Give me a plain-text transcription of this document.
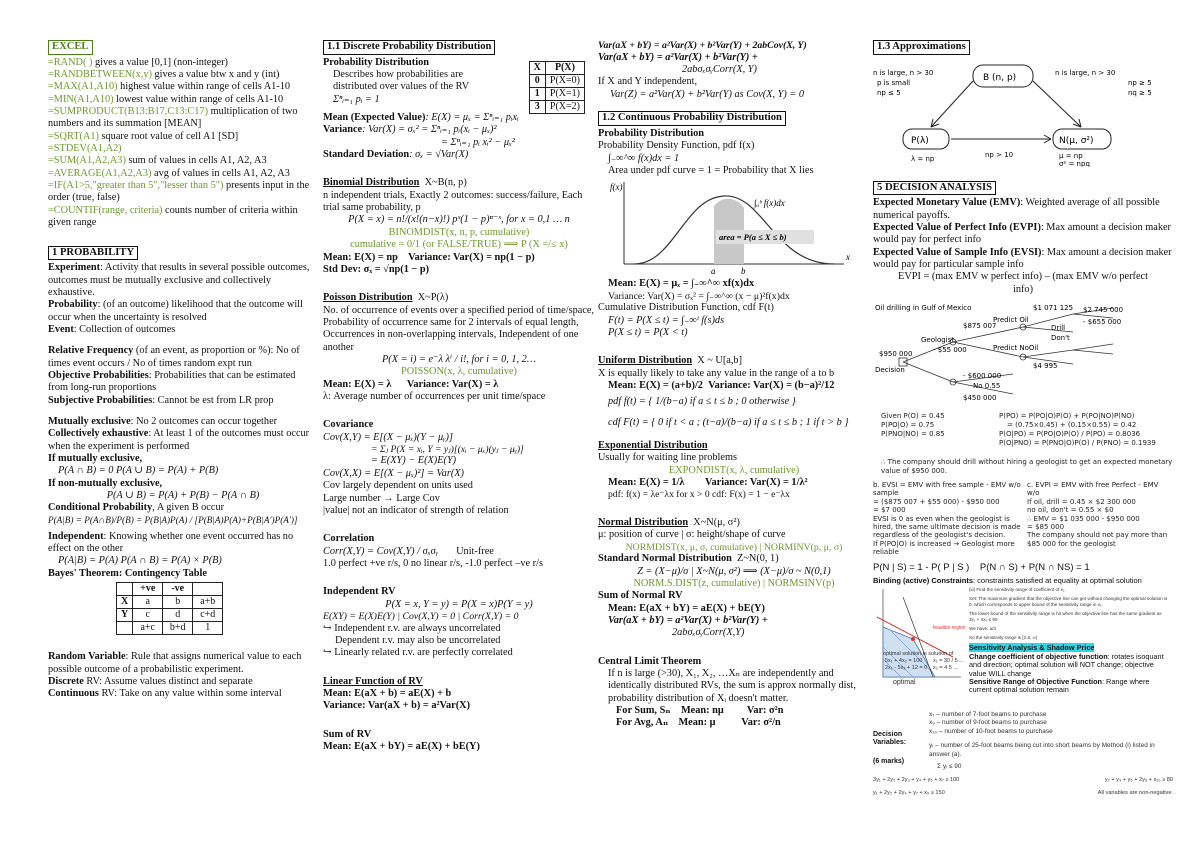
EXCEL
=RAND( ) gives a value [0,1] (non-integer)
=RANDBETWEEN(x,y) gives a value btw x and y (int)
=MAX(A1,A10) highest value within range of cells A1-10
=MIN(A1,A10) lowest value within range of cells A1-10
=SUMPRODUCT(B13:B17,C13:C17) multiplication of two numbers and its summation [MEAN]
=SQRT(A1) square root value of cell A1 [SD]
=STDEV(A1,A2)
=SUM(A1,A2,A3) sum of values in cells A1, A2, A3
=AVERAGE(A1,A2,A3) avg of values in cells A1, A2, A3
=IF(A1>5,"greater than 5","lesser than 5") presents input in the order (true, false)
=COUNTIF(range, criteria) counts number of criteria within given range
1 PROBABILITY
Experiment: Activity that results in several possible outcomes, outcomes must be mutually exclusive and collectively exhaustive.
Probability: (of an outcome) likelihood that the outcome will occur when the uncertainty is resolved
Event: Collection of outcomes
Relative Frequency (of an event, as proportion or %): No of times event occurs / No of times random expt run
Objective Probabilities: Probabilities that can be estimated from long-run proportions
Subjective Probabilities: Cannot be est from LR prop
Mutually exclusive: No 2 outcomes can occur together
Collectively exhaustive: At least 1 of the outcomes must occur when the experiment is performed
If mutually exclusive,
P(A ∩ B) = 0 P(A ∪ B) = P(A) + P(B)
If non-mutually exclusive,
P(A ∪ B) = P(A) + P(B) − P(A ∩ B)
Conditional Probability, A given B occur
P(A|B) = P(A∩B)/P(B) = P(B|A)P(A) / [P(B|A)P(A)+P(B|A′)P(A′)]
Independent: Knowing whether one event occurred has no effect on the other
P(A|B) = P(A) P(A ∩ B) = P(A) × P(B)
Bayes' Theorem: Contingency Table
	+ve	-ve	
X	a	b	a+b
Y	c	d	c+d
	a+c	b+d	1
Random Variable: Rule that assigns numerical value to each possible outcome of a probabilistic experiment.
Discrete RV: Assume values distinct and separate
Continuous RV: Take on any value within some interval
1.1 Discrete Probability Distribution
X	P(X)
0	P(X=0)
1	P(X=1)
3	P(X=2)
Probability Distribution
Describes how probabilities are distributed over values of the RV
Σⁿᵢ₌₁ pᵢ = 1
Mean (Expected Value): E(X) = μₓ = Σⁿᵢ₌₁ pᵢxᵢ
Variance: Var(X) = σₓ² = Σⁿᵢ₌₁ pᵢ(xᵢ − μₓ)²
= Σⁿᵢ₌₁ pᵢ xᵢ² − μₓ²
Standard Deviation: σₓ = √Var(X)
Binomial Distribution X~B(n, p)
n independent trials, Exactly 2 outcomes: success/failure, Each trial same probability, p
P(X = x) = n!/(x!(n−x)!) pˣ(1 − p)ⁿ⁻ˣ, for x = 0,1 … n
BINOMDIST(x, n, p, cumulative)
cumulative = 0/1 (or FALSE/TRUE) ⟹ P (X =/≤ x)
Mean: E(X) = np Variance: Var(X) = np(1 − p)
Std Dev: σₓ = √np(1 − p)
Poisson Distribution X~P(λ)
No. of occurrence of events over a specified period of time/space, Probability of occurrence same for 2 intervals of equal length, Occurrences in non-overlapping intervals, Independent of one another
P(X = i) = e⁻λ λⁱ / i!, for i = 0, 1, 2…
POISSON(x, λ, cumulative)
Mean: E(X) = λ Variance: Var(X) = λ
λ: Average number of occurrences per unit time/space
Covariance
Cov(X,Y) = E[(X − μₓ)(Y − μᵧ)]
= Σⱼ P(X = xᵢ, Y = yⱼ)[(xᵢ − μₓ)(yⱼ − μᵧ)]
= E(XY) − E(X)E(Y)
Cov(X,X) = E[(X − μₓ)²] = Var(X)
Cov largely dependent on units used
Large number → Large Cov
|value| not an indicator of strength of relation
Correlation
Corr(X,Y) = Cov(X,Y) / σₓσᵧ Unit-free
1.0 perfect +ve r/s, 0 no linear r/s, -1.0 perfect –ve r/s
Independent RV
P(X = x, Y = y) = P(X = x)P(Y = y)
E(XY) = E(X)E(Y) | Cov(X,Y) = 0 | Corr(X,Y) = 0
↪ Independent r.v. are always uncorrelated
Dependent r.v. may also be uncorrelated
↪ Linearly related r.v. are perfectly correlated
Linear Function of RV
Mean: E(aX + b) = aE(X) + b
Variance: Var(aX + b) = a²Var(X)
Sum of RV
Mean: E(aX + bY) = aE(X) + bE(Y)
Var(aX + bY) = a²Var(X) + b²Var(Y) + 2abCov(X, Y)
Var(aX + bY) = a²Var(X) + b²Var(Y) +
2abσₓσᵧCorr(X, Y)
If X and Y independent,
Var(Z) = a²Var(X) + b²Var(Y) as Cov(X, Y) = 0
1.2 Continuous Probability Distribution
Probability Distribution
Probability Density Function, pdf f(x)
∫₋∞^∞ f(x)dx = 1
Area under pdf curve = 1 = Probability that X lies
f(x)
∫ₐᵇ f(x)dx
area = P(a ≤ X ≤ b)
a	b
x
Mean: E(X) = μₓ = ∫₋∞^∞ xf(x)dx
Variance: Var(X) = σₓ² = ∫₋∞^∞ (x − μ)²f(x)dx
Cumulative Distribution Function, cdf F(t)
F(t) = P(X ≤ t) = ∫₋∞ᵗ f(s)ds
P(X ≤ t) = P(X < t)
Uniform Distribution X ~ U[a,b]
X is equally likely to take any value in the range of a to b
Mean: E(X) = (a+b)/2 Variance: Var(X) = (b−a)²/12
pdf f(t) = { 1/(b−a) if a ≤ t ≤ b ; 0 otherwise }
cdf F(t) = { 0 if t < a ; (t−a)/(b−a) if a ≤ t ≤ b ; 1 if t > b }
Exponential Distribution
Usually for waiting line problems
EXPONDIST(x, λ, cumulative)
Mean: E(X) = 1/λ Variance: Var(X) = 1/λ²
pdf: f(x) = λe⁻λx for x > 0 cdf: F(x) = 1 − e⁻λx
Normal Distribution X~N(μ, σ²)
μ: position of curve | σ: height/shape of curve
NORMDIST(x, μ, σ, cumulative) | NORMINV(p, μ, σ)
Standard Normal Distribution Z~N(0, 1)
Z = (X−μ)/σ | X~N(μ, σ²) ⟹ (X−μ)/σ ~ N(0,1)
NORM.S.DIST(z, cumulative) | NORMSINV(p)
Sum of Normal RV
Mean: E(aX + bY) = aE(X) + bE(Y)
Var(aX + bY) = a²Var(X) + b²Var(Y) +
2abσₓσᵧCorr(X,Y)
Central Limit Theorem
If n is large (>30), X₁, X₂, …Xₙ are independently and identically distributed RVs, the sum is approx normally dist, probability distribution of Xᵢ doesn't matter.
For Sum, Sₙ    Mean: nμ         Var: σ²n
For Avg, Aₙ    Mean: μ          Var: σ²/n
1.3 Approximations
B (n, p)
P(λ)	N(μ, σ²)
n is large, n > 30
p is small
np ≤ 5
n is large, n > 30
np ≥ 5
nq ≥ 5
λ = np	np > 10	μ = np
σ² = npq
5 DECISION ANALYSIS
Expected Monetary Value (EMV): Weighted average of all possible numerical payoffs.
Expected Value of Perfect Info (EVPI): Max amount a decision maker would pay for perfect info
Expected Value of Sample Info (EVSI): Max amount a decision maker would pay for particular sample info
EVPI = (max EMV w perfect info) – (max EMV w/o perfect info)
Oil drilling in Gulf of Mexico
$950 000
Decision
$875 007
Geologist
$1 071 125 $2 745 000
- $655 000
- $55 000	Predict NoOil
Predict Oil
Drill
Don't
$4 995
- $600 000
$450 000
No 0.55
Given P(O) = 0.45
P(PO|O) = 0.75
P(PNO|NO) = 0.85
P(PO) = P(PO|O)P(O) + P(PO|NO)P(NO)
= (0.75×0.45) + (0.15×0.55) = 0.42
P(O|PO) = P(PO|O)P(O) / P(PO) = 0.8036
P(O|PNO) = P(PNO|O)P(O) / P(PNO) = 0.1939
∴ The company should drill without hiring a geologist to get an expected monetary value of $950 000.
b. EVSI = EMV with free sample - EMV w/o sample
= ($875 007 + $55 000) - $950 000
= $7 000
EVSI is 0 as even when the geologist is hired, the same ultimate decision is made regardless of the geologist's decision.
If P(PO|O) is increased → Geologist more reliable
c. EVPI = EMV with free Perfect - EMV w/o
If oil, drill = 0.45 × $2 300 000
no oil, don't = 0.55 × $0
∴ EMV = $1 035 000 - $950 000
= $85 000
The company should not pay more than $85 000 for the geologist
P(N | S) = 1 - P( P | S ) P(N ∩ S) + P(N ∩ NS) = 1
Binding (active) Constraints: constraints satisfied at equality at optimal solution
optimal solution is solution of
5x₁ + 4x₂ = 100
2x₁ - 5x₂ + 12 = 0
x₁ = 30 / 5 ...
x₂ = 4 5 ...
optimal
feasible region
(iii) Find the sensitivity range of coefficient of x₁.
Set: The maximum gradient that the objective line can get without changing the optimal solution is 0, which corresponds to upper bound of the sensitivity range in x₁.
The lower bound of the sensitivity range is hit when the objective line has the same gradient as 3x₁ + 4x₂ ≤ 90
We have: a/3
So the sensitivity range is [2.5, ∞)
Sensitivity Analysis & Shadow Price
Change coefficient of objective function: rotates isoquant and direction; optimal solution will NOT change; objective value WILL change
Sensitive Range of Objective Function: Range where current optimal solution remain
Decision Variables:
(6 marks)
x₇ – number of 7-foot beams to purchase
x₉ – number of 9-foot beams to purchase
x₁₀ – number of 10-foot beams to purchase
yᵢ – number of 25-foot beams being cut into short beams by Method (i) listed in answer (a).
Σ yᵢ ≤ 90
3y₁ + 2y₂ + 2y₃ + y₄ + y₅ + x₇ ≥ 100	y₂ + y₃ + y₅ + 2y₆ + x₁₀ ≥ 80
y₁ + 2y₂ + 2y₄ + y₇ + x₉ ≥ 150	All variables are non-negative.
